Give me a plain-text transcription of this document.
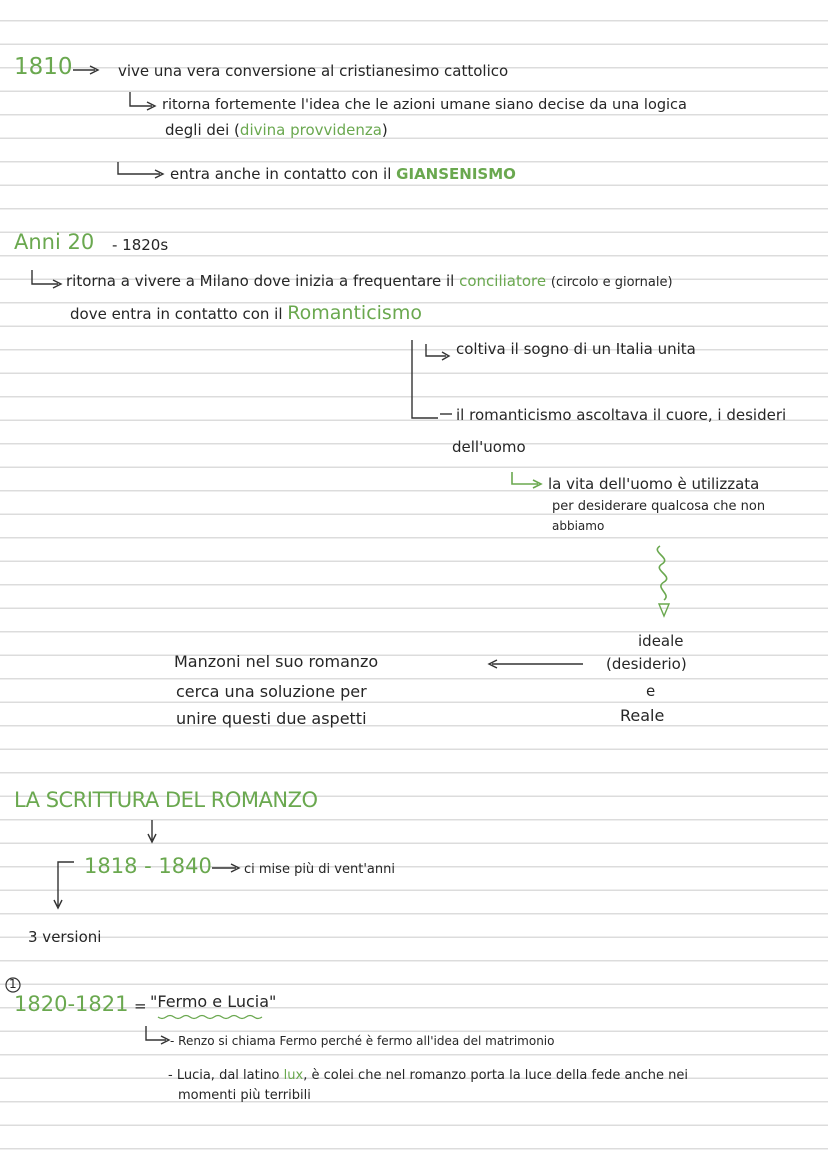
1810	vive una vera conversione al cristianesimo cattolico
ritorna fortemente l'idea che le azioni umane siano decise da una logica
degli dei (divina provvidenza)
entra anche in contatto con il GIANSENISMO
Anni 20 - 1820s
ritorna a vivere a Milano dove inizia a frequentare il conciliatore (circolo e giornale)
dove entra in contatto con il Romanticismo
coltiva il sogno di un Italia unita
il romanticismo ascoltava il cuore, i desideri
dell'uomo
la vita dell'uomo è utilizzata
per desiderare qualcosa che non
abbiamo
ideale
(desiderio)
e
Reale
Manzoni nel suo romanzo
cerca una soluzione per
unire questi due aspetti
LA SCRITTURA DEL ROMANZO
1818 - 1840 ci mise più di vent'anni
3 versioni
1
1820-1821 = "Fermo e Lucia"
- Renzo si chiama Fermo perché è fermo all'idea del matrimonio
- Lucia, dal latino lux, è colei che nel romanzo porta la luce della fede anche nei
momenti più terribili
